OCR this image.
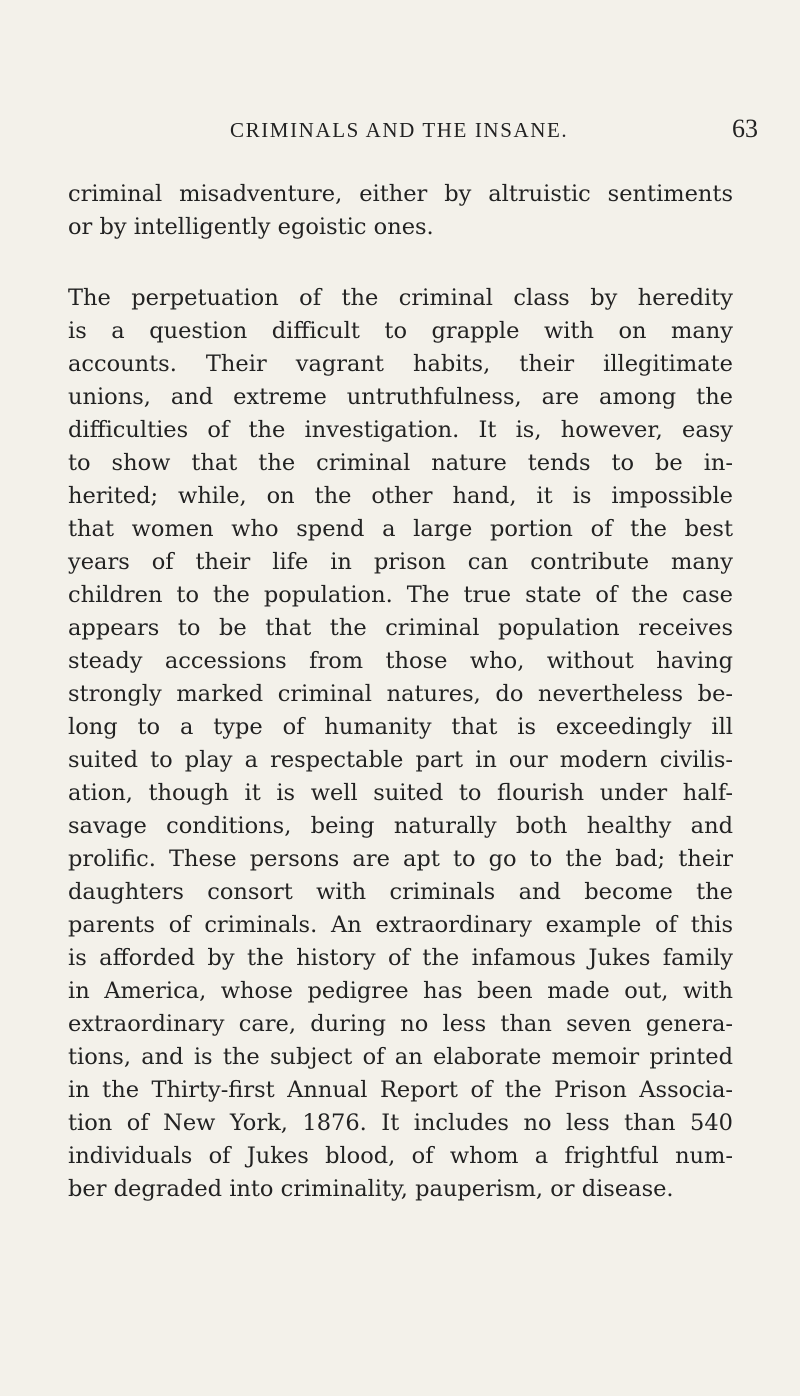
CRIMINALS AND THE INSANE.	63
criminal misadventure, either by altruistic sentiments
or by intelligently egoistic ones.
The perpetuation of the criminal class by heredity
is a question difficult to grapple with on many
accounts. Their vagrant habits, their illegitimate
unions, and extreme untruthfulness, are among the
difficulties of the investigation. It is, however, easy
to show that the criminal nature tends to be in-
herited; while, on the other hand, it is impossible
that women who spend a large portion of the best
years of their life in prison can contribute many
children to the population. The true state of the case
appears to be that the criminal population receives
steady accessions from those who, without having
strongly marked criminal natures, do nevertheless be-
long to a type of humanity that is exceedingly ill
suited to play a respectable part in our modern civilis-
ation, though it is well suited to flourish under half-
savage conditions, being naturally both healthy and
prolific. These persons are apt to go to the bad; their
daughters consort with criminals and become the
parents of criminals. An extraordinary example of this
is afforded by the history of the infamous Jukes family
in America, whose pedigree has been made out, with
extraordinary care, during no less than seven genera-
tions, and is the subject of an elaborate memoir printed
in the Thirty-first Annual Report of the Prison Associa-
tion of New York, 1876. It includes no less than 540
individuals of Jukes blood, of whom a frightful num-
ber degraded into criminality, pauperism, or disease.
